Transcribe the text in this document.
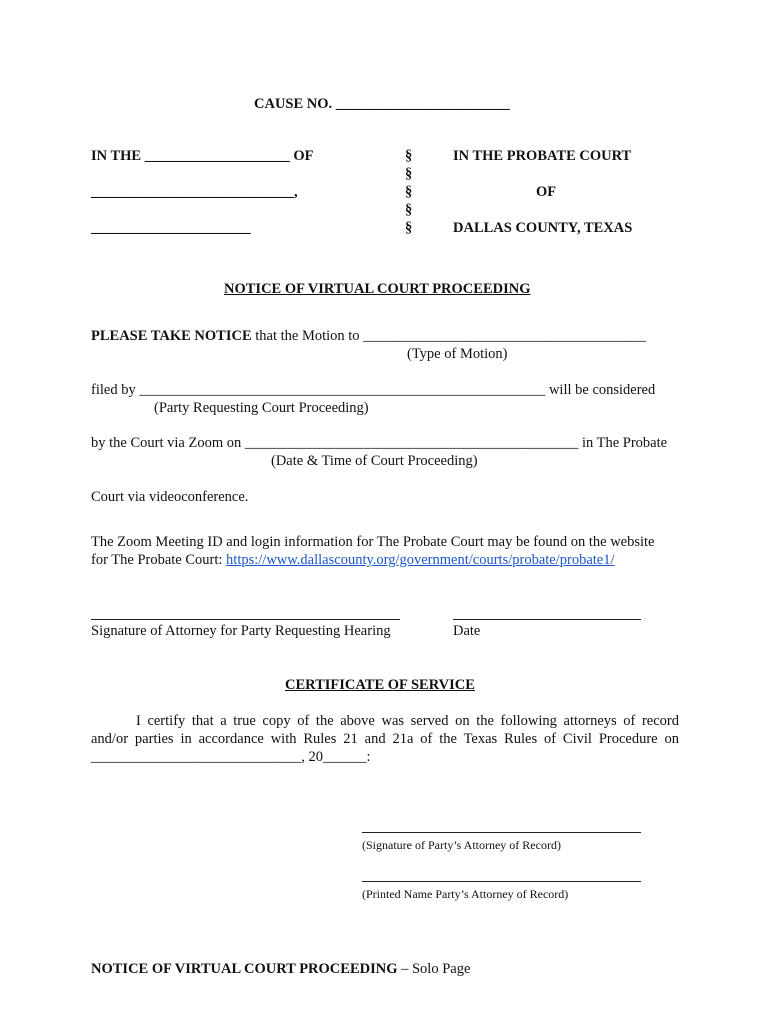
CAUSE NO. ________________________
IN THE ____________________ OF
____________________________,
______________________
§
§
§
§
§
IN THE PROBATE COURT
OF
DALLAS COUNTY, TEXAS
NOTICE OF VIRTUAL COURT PROCEEDING
PLEASE TAKE NOTICE that the Motion to _______________________________________
(Type of Motion)
filed by ________________________________________________________ will be considered
(Party Requesting Court Proceeding)
by the Court via Zoom on ______________________________________________ in The Probate
(Date & Time of Court Proceeding)
Court via videoconference.
The Zoom Meeting ID and login information for The Probate Court may be found on the website
for The Probate Court: https://www.dallascounty.org/government/courts/probate/probate1/
Signature of Attorney for Party Requesting Hearing	Date
CERTIFICATE OF SERVICE
I certify that a true copy of the above was served on the following attorneys of record
and/or parties in accordance with Rules 21 and 21a of the Texas Rules of Civil Procedure on
_____________________________, 20______:
(Signature of Party’s Attorney of Record)
(Printed Name Party’s Attorney of Record)
NOTICE OF VIRTUAL COURT PROCEEDING – Solo Page
